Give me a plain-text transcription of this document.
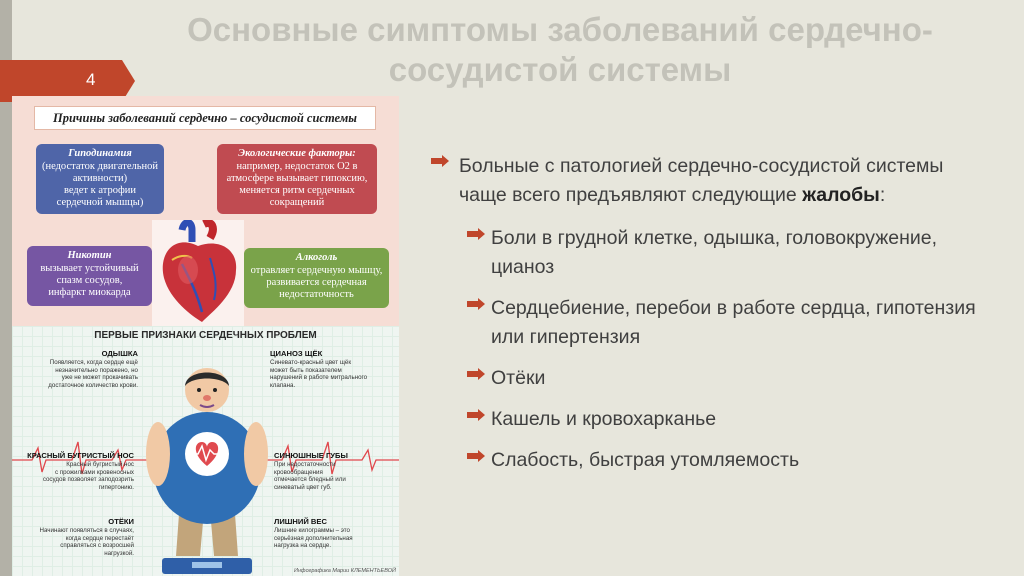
Основные симптомы заболеваний сердечно-сосудистой системы
4
Причины заболеваний сердечно – сосудистой системы
Гиподинамия
(недостаток двигательной
активности)
ведет к атрофии
сердечной мышцы)
Экологические факторы:
например, недостаток О2 в
атмосфере вызывает гипоксию,
меняется ритм сердечных
сокращений
Никотин
вызывает устойчивый
спазм сосудов,
инфаркт миокарда
Алкоголь
отравляет сердечную мышцу,
развивается сердечная
недостаточность
ПЕРВЫЕ ПРИЗНАКИ СЕРДЕЧНЫХ ПРОБЛЕМ
ОДЫШКА
Появляется, когда сердце ещё
незначительно поражено, но
уже не может прокачивать
достаточное количество крови.
ЦИАНОЗ ЩЁК
Синевато-красный цвет щёк
может быть показателем
нарушений в работе митрального
клапана.
КРАСНЫЙ БУГРИСТЫЙ НОС
Красный бугристый нос
с прожилками кровеносных
сосудов позволяет заподозрить
гипертонию.
СИНЮШНЫЕ ГУБЫ
При недостаточности
кровообращения
отмечается бледный или
синеватый цвет губ.
ОТЁКИ
Начинают появляться в случаях,
когда сердце перестаёт
справляться с возросшей
нагрузкой.
ЛИШНИЙ ВЕС
Лишние килограммы – это
серьёзная дополнительная
нагрузка на сердце.
Инфографика Марии КЛЕМЕНТЬЕВОЙ

Больные с патологией сердечно-сосудистой системы чаще всего предъявляют следующие жалобы:

Боли в грудной клетке, одышка, головокружение, цианоз

Сердцебиение, перебои в работе сердца, гипотензия или гипертензия

Отёки

Кашель и кровохарканье

Слабость, быстрая утомляемость
